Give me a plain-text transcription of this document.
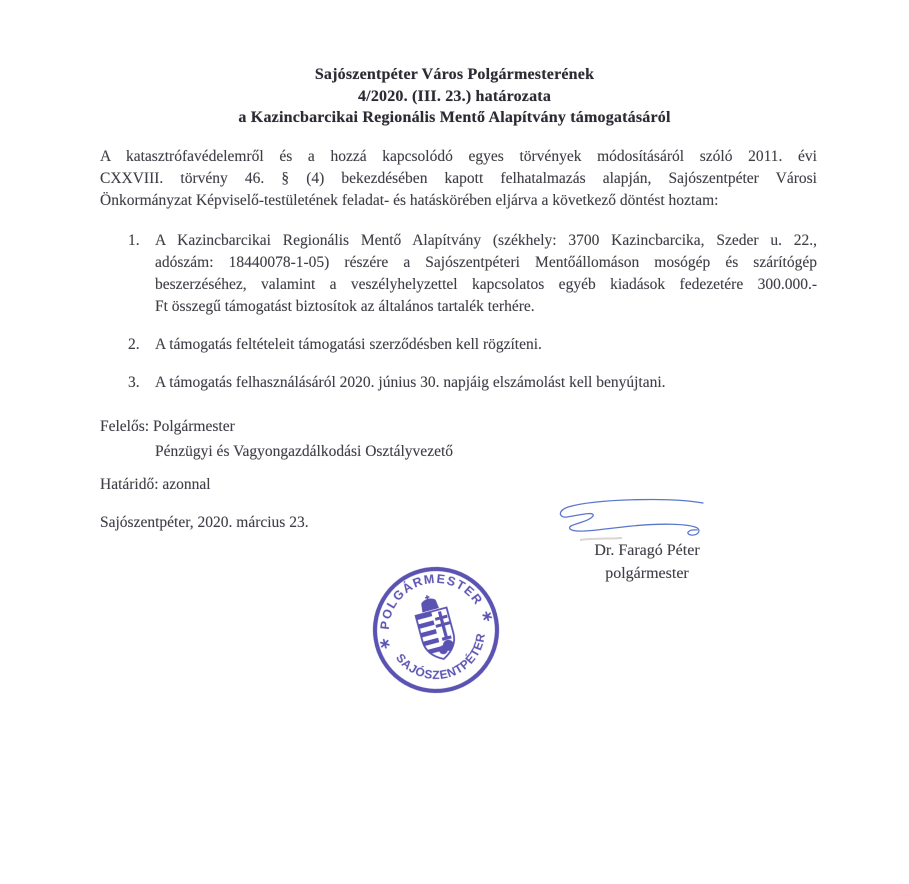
Sajószentpéter Város Polgármesterének
4/2020. (III. 23.) határozata
a Kazincbarcikai Regionális Mentő Alapítvány támogatásáról
A katasztrófavédelemről és a hozzá kapcsolódó egyes törvények módosításáról szóló 2011. évi
CXXVIII. törvény 46. § (4) bekezdésében kapott felhatalmazás alapján, Sajószentpéter Városi
Önkormányzat Képviselő-testületének feladat- és hatáskörében eljárva a következő döntést hoztam:
1. A Kazincbarcikai Regionális Mentő Alapítvány (székhely: 3700 Kazincbarcika, Szeder u. 22.,
adószám: 18440078-1-05) részére a Sajószentpéteri Mentőállomáson mosógép és szárítógép
beszerzéséhez, valamint a veszélyhelyzettel kapcsolatos egyéb kiadások fedezetére 300.000.-
Ft összegű támogatást biztosítok az általános tartalék terhére.
2. A támogatás feltételeit támogatási szerződésben kell rögzíteni.
3. A támogatás felhasználásáról 2020. június 30. napjáig elszámolást kell benyújtani.
Felelős: Polgármester
Pénzügyi és Vagyongazdálkodási Osztályvezető
Határidő: azonnal
Sajószentpéter, 2020. március 23.
Dr. Faragó Péter
polgármester
POLGÁRMESTER
SAJÓSZENTPÉTER
